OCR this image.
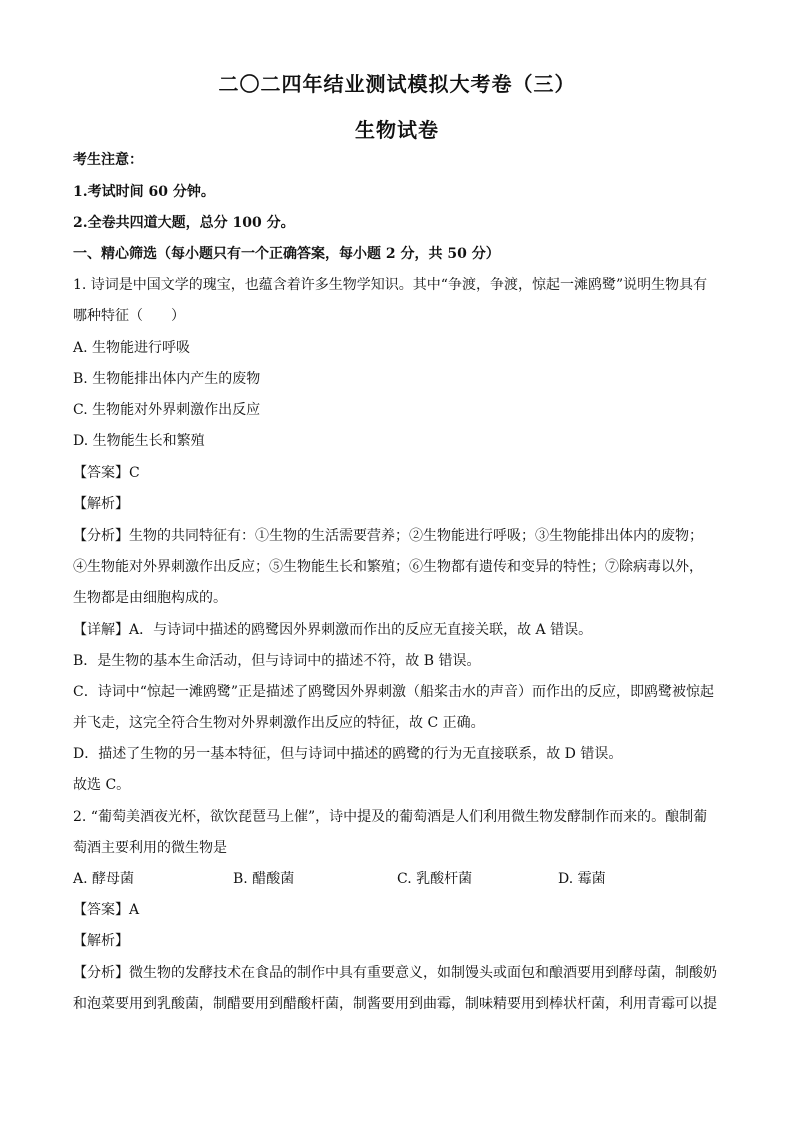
二〇二四年结业测试模拟大考卷（三）
生物试卷
考生注意：
1.考试时间 60 分钟。
2.全卷共四道大题，总分 100 分。
一、精心筛选（每小题只有一个正确答案，每小题 2 分，共 50 分）
1. 诗词是中国文学的瑰宝，也蕴含着许多生物学知识。其中“争渡，争渡，惊起一滩鸥鹭”说明生物具有
哪种特征（　　）
A. 生物能进行呼吸
B. 生物能排出体内产生的废物
C. 生物能对外界刺激作出反应
D. 生物能生长和繁殖
【答案】C
【解析】
【分析】生物的共同特征有：①生物的生活需要营养；②生物能进行呼吸；③生物能排出体内的废物；
④生物能对外界刺激作出反应；⑤生物能生长和繁殖；⑥生物都有遗传和变异的特性；⑦除病毒以外，
生物都是由细胞构成的。
【详解】A．与诗词中描述的鸥鹭因外界刺激而作出的反应无直接关联，故 A 错误。
B．是生物的基本生命活动，但与诗词中的描述不符，故 B 错误。
C．诗词中“惊起一滩鸥鹭”正是描述了鸥鹭因外界刺激（船桨击水的声音）而作出的反应，即鸥鹭被惊起
并飞走，这完全符合生物对外界刺激作出反应的特征，故 C 正确。
D．描述了生物的另一基本特征，但与诗词中描述的鸥鹭的行为无直接联系，故 D 错误。
故选 C。
2. “葡萄美酒夜光杯，欲饮琵琶马上催”，诗中提及的葡萄酒是人们利用微生物发酵制作而来的。酿制葡
萄酒主要利用的微生物是
A. 酵母菌	B. 醋酸菌	C. 乳酸杆菌	D. 霉菌
【答案】A
【解析】
【分析】微生物的发酵技术在食品的制作中具有重要意义，如制馒头或面包和酿酒要用到酵母菌，制酸奶
和泡菜要用到乳酸菌，制醋要用到醋酸杆菌，制酱要用到曲霉，制味精要用到棒状杆菌，利用青霉可以提
